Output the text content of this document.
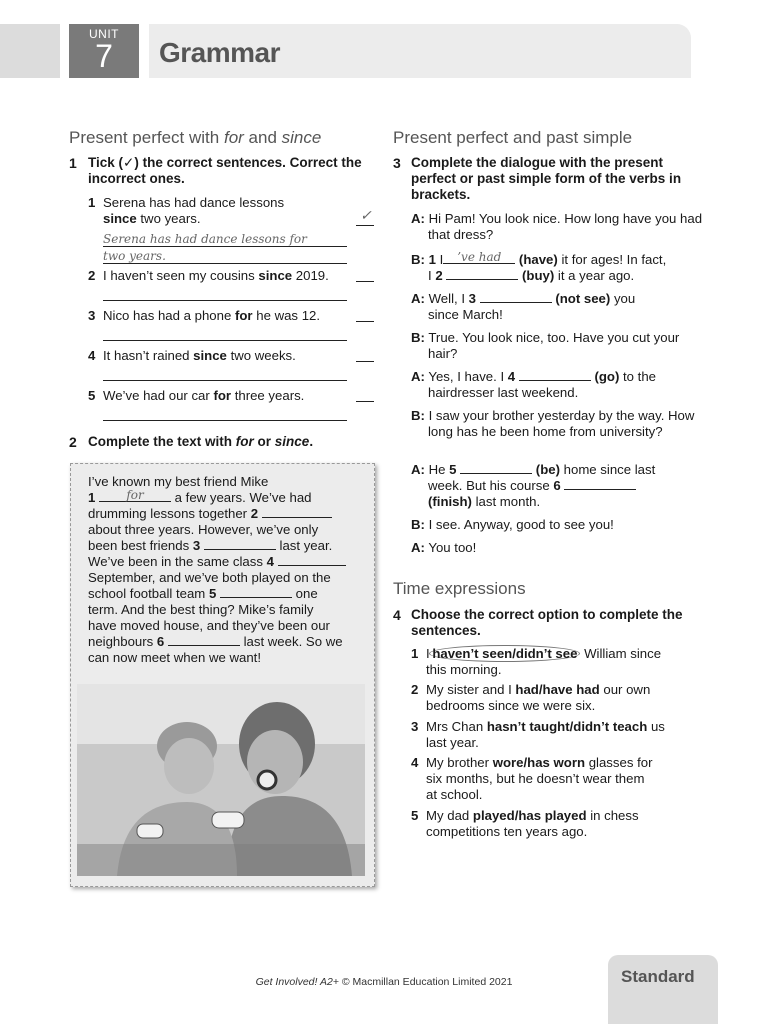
UNIT
7	Grammar
Present perfect with for and since
1 Tick (✓) the correct sentences. Correct the incorrect ones.
1 Serena has had dance lessons
since two years.	✓
Serena has had dance lessons for
two years.
2 I haven’t seen my cousins since 2019.
3 Nico has had a phone for he was 12.
4 It hasn’t rained since two weeks.
5 We’ve had our car for three years.
2 Complete the text with for or since.
I’ve known my best friend Mike
1	for	a few years. We’ve had
drumming lessons together 2
about three years. However, we’ve only
been best friends 3	last year.
We’ve been in the same class 4
September, and we’ve both played on the
school football team 5	one
term. And the best thing? Mike’s family
have moved house, and they’ve been our
neighbours 6	last week. So we
can now meet when we want!
Present perfect and past simple
3 Complete the dialogue with the present perfect or past simple form of the verbs in brackets.
A: Hi Pam! You look nice. How long have you had that dress?
B: 1 I	’ve had	(have) it for ages! In fact,
I 2	(buy) it a year ago.
A: Well, I 3	(not see) you
since March!
B: True. You look nice, too. Have you cut your hair?
A: Yes, I have. I 4	(go) to the
hairdresser last weekend.
B: I saw your brother yesterday by the way. How long has he been home from university?
A: He 5	(be) home since last
week. But his course 6
(finish) last month.
B: I see. Anyway, good to see you!
A: You too!
Time expressions
4 Choose the correct option to complete the sentences.
1 I haven’t seen/didn’t see William since
this morning.
2 My sister and I had/have had our own
bedrooms since we were six.
3 Mrs Chan hasn’t taught/didn’t teach us
last year.
4 My brother wore/has worn glasses for
six months, but he doesn’t wear them
at school.
5 My dad played/has played in chess
competitions ten years ago.
Get Involved! A2+ © Macmillan Education Limited 2021	Standard
